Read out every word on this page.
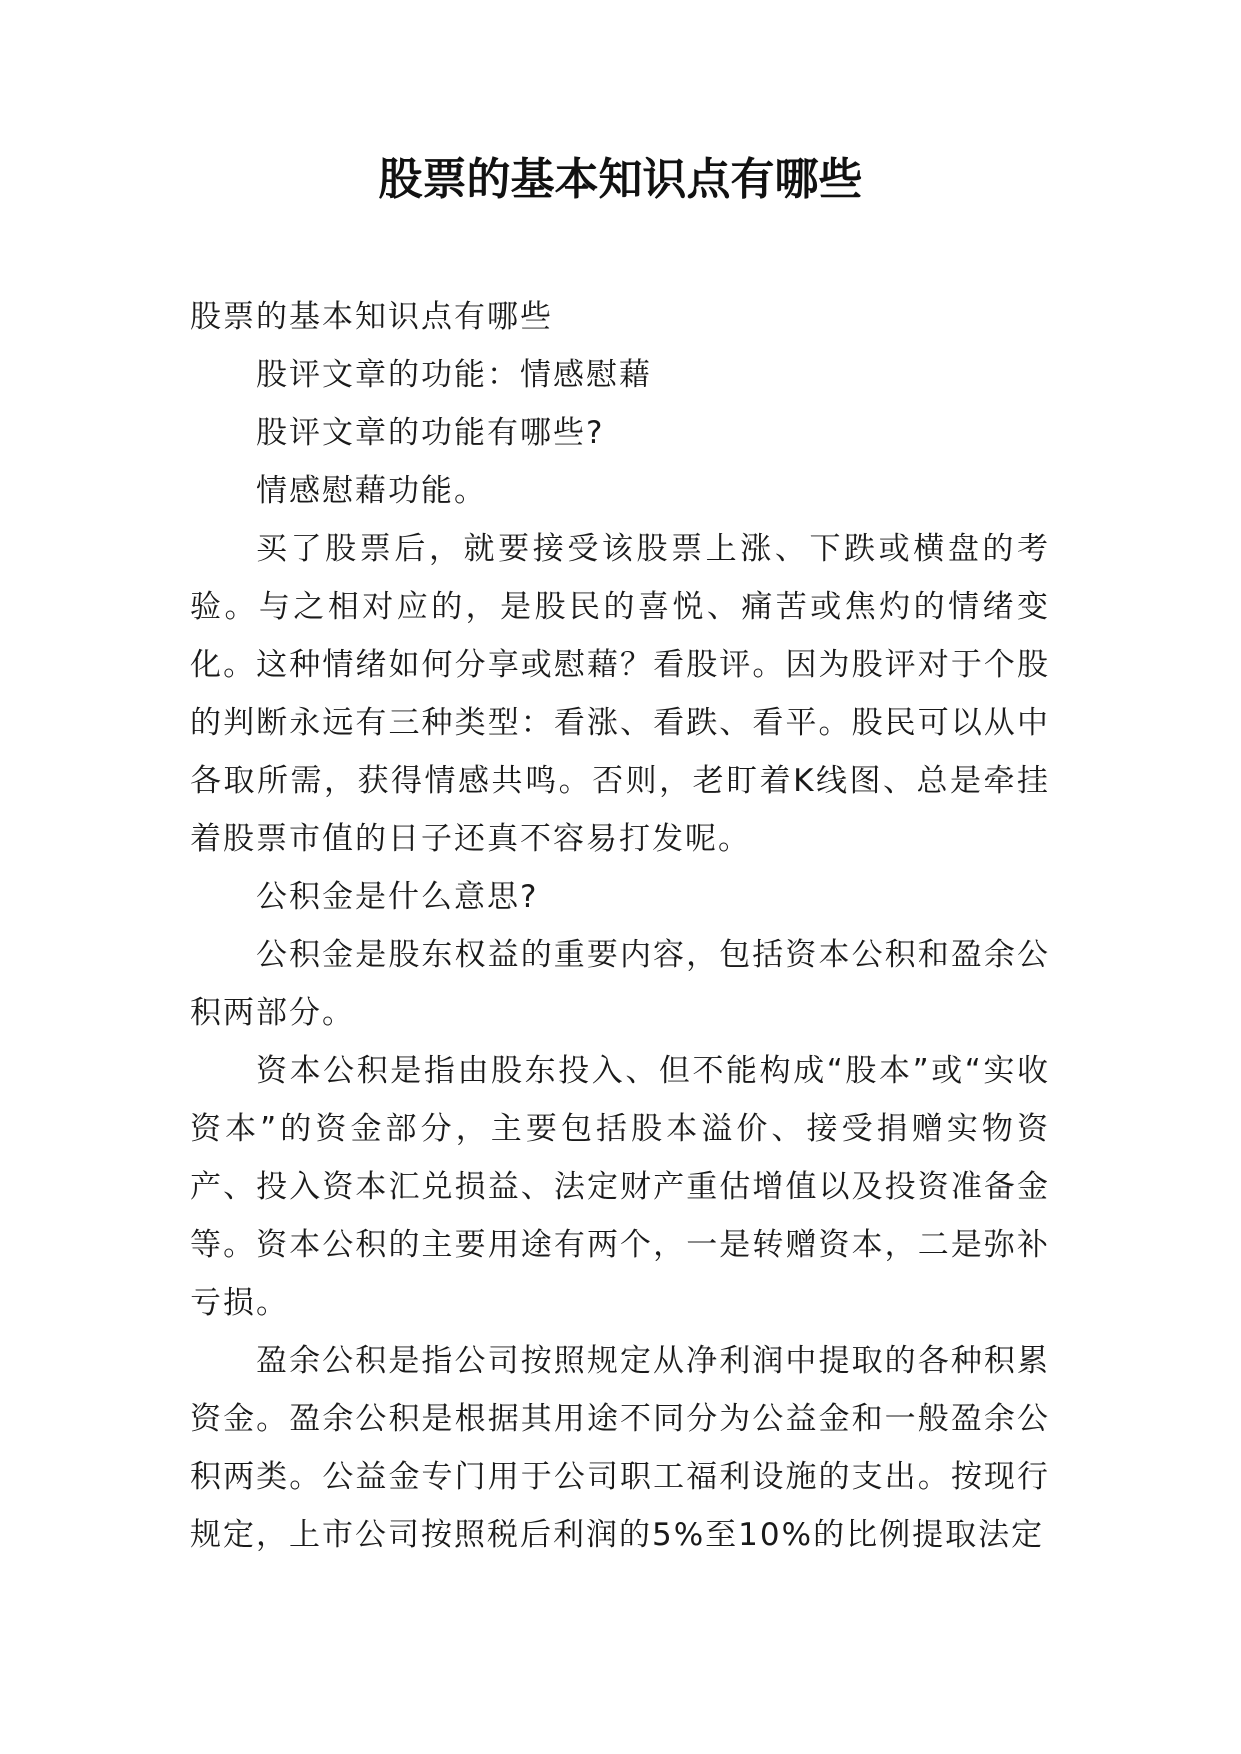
股票的基本知识点有哪些

股票的基本知识点有哪些

股评文章的功能：情感慰藉

股评文章的功能有哪些?

情感慰藉功能。

买了股票后，就要接受该股票上涨、下跌或横盘的考验。与之相对应的，是股民的喜悦、痛苦或焦灼的情绪变化。这种情绪如何分享或慰藉？看股评。因为股评对于个股的判断永远有三种类型：看涨、看跌、看平。股民可以从中各取所需，获得情感共鸣。否则，老盯着K线图、总是牵挂着股票市值的日子还真不容易打发呢。

公积金是什么意思?

公积金是股东权益的重要内容，包括资本公积和盈余公积两部分。

资本公积是指由股东投入、但不能构成“股本”或“实收资本”的资金部分，主要包括股本溢价、接受捐赠实物资产、投入资本汇兑损益、法定财产重估增值以及投资准备金等。资本公积的主要用途有两个，一是转赠资本，二是弥补亏损。

盈余公积是指公司按照规定从净利润中提取的各种积累资金。盈余公积是根据其用途不同分为公益金和一般盈余公积两类。公益金专门用于公司职工福利设施的支出。按现行规定，上市公司按照税后利润的5%至10%的比例提取法定
